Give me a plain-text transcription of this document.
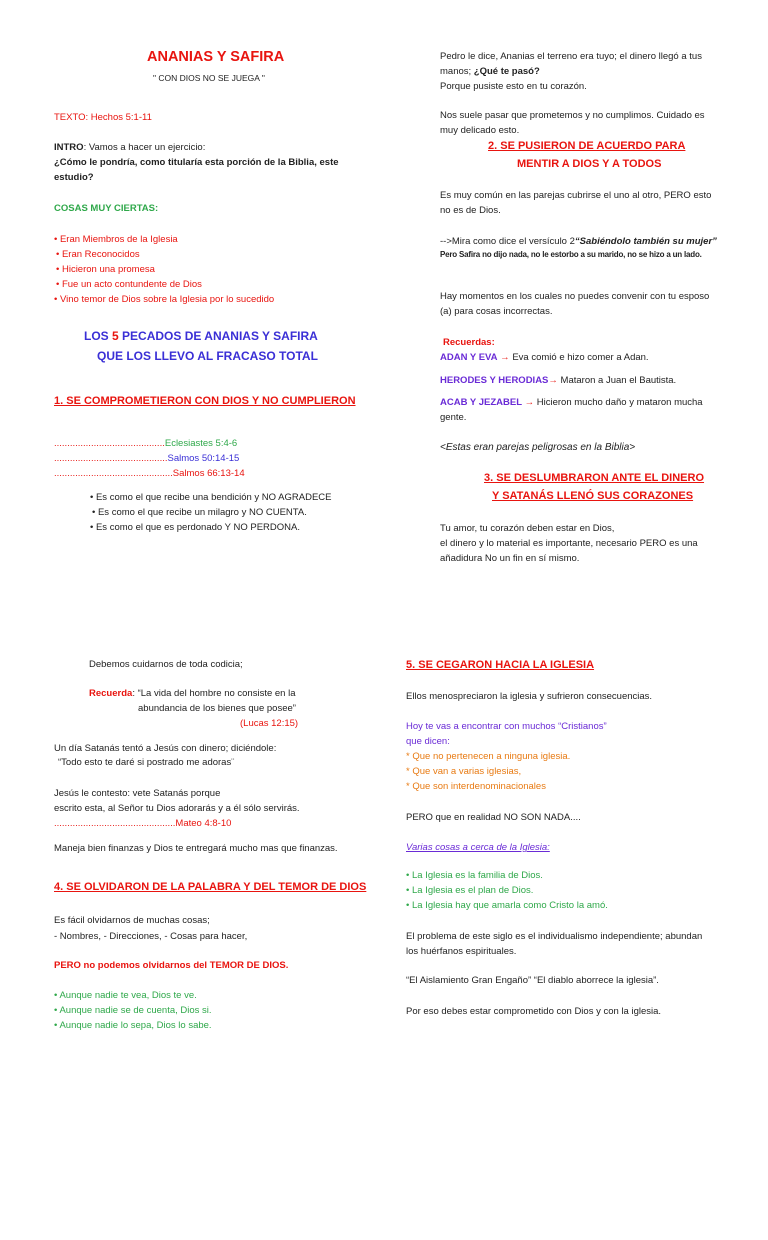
ANANIAS Y SAFIRA
" CON DIOS NO SE JUEGA "
TEXTO: Hechos 5:1-11
INTRO: Vamos a hacer un ejercicio:
¿Cómo le pondría, como titularía esta porción de la Biblia, este estudio?
COSAS MUY CIERTAS:
• Eran Miembros de la Iglesia
• Eran Reconocidos
• Hicieron una promesa
• Fue un acto contundente de Dios
• Vino temor de Dios sobre la Iglesia por lo sucedido
LOS 5 PECADOS DE ANANIAS Y SAFIRA
QUE LOS LLEVO AL FRACASO TOTAL
1. SE COMPROMETIERON CON DIOS Y NO CUMPLIERON
..........................................Eclesiastes 5:4-6
...........................................Salmos 50:14-15
.............................................Salmos 66:13-14
• Es como el que recibe una bendición y NO AGRADECE
• Es como el que recibe un milagro y NO CUENTA.
• Es como el que es perdonado Y NO PERDONA.
Pedro le dice, Ananias el terreno era tuyo; el dinero llegó a tus
manos; ¿Qué te pasó?
Porque pusiste esto en tu corazón.
Nos suele pasar que prometemos y no cumplimos. Cuidado es
muy delicado esto.
2. SE PUSIERON DE ACUERDO PARA
MENTIR A DIOS Y A TODOS
Es muy común en las parejas cubrirse el uno al otro, PERO esto
no es de Dios.
-->Mira como dice el versículo 2“Sabiéndolo también su mujer”
Pero Safira no dijo nada, no le estorbo a su marido, no se hizo a un lado.
Hay momentos en los cuales no puedes convenir con tu esposo
(a) para cosas incorrectas.
Recuerdas:
ADAN Y EVA → Eva comió e hizo comer a Adan.
HERODES Y HERODIAS→ Mataron a Juan el Bautista.
ACAB Y JEZABEL → Hicieron mucho daño y mataron mucha gente.
<Estas eran parejas peligrosas en la Biblia>
3. SE DESLUMBRARON ANTE EL DINERO
Y SATANÁS LLENÓ SUS CORAZONES
Tu amor, tu corazón deben estar en Dios,
el dinero y lo material es importante, necesario PERO es una
añadidura No un fin en sí mismo.
Debemos cuidarnos de toda codicia;
Recuerda: “La vida del hombre no consiste en la
abundancia de los bienes que posee”
(Lucas 12:15)
Un día Satanás tentó a Jesús con dinero; diciéndole:
“Todo esto te daré si postrado me adoras¨
Jesús le contesto: vete Satanás porque
escrito esta, al Señor tu Dios adorarás y a él sólo servirás.
..............................................Mateo 4:8-10
Maneja bien finanzas y Dios te entregará mucho mas que finanzas.
4. SE OLVIDARON DE LA PALABRA Y DEL TEMOR DE DIOS
Es fácil olvidarnos de muchas cosas;
- Nombres, - Direcciones, - Cosas para hacer,
PERO no podemos olvidarnos del TEMOR DE DIOS.
• Aunque nadie te vea, Dios te ve.
• Aunque nadie se de cuenta, Dios si.
• Aunque nadie lo sepa, Dios lo sabe.
5. SE CEGARON HACIA LA IGLESIA
Ellos menospreciaron la iglesia y sufrieron consecuencias.
Hoy te vas a encontrar con muchos “Cristianos”
que dicen:
* Que no pertenecen a ninguna iglesia.
* Que van a varias iglesias,
* Que son interdenominacionales
PERO que en realidad NO SON NADA....
Varias cosas a cerca de la Iglesia:
• La Iglesia es la familia de Dios.
• La Iglesia es el plan de Dios.
• La Iglesia hay que amarla como Cristo la amó.
El problema de este siglo es el individualismo independiente; abundan
los huérfanos espirituales.
“El Aislamiento Gran Engaño” “El diablo aborrece la iglesia”.
Por eso debes estar comprometido con Dios y con la iglesia.
